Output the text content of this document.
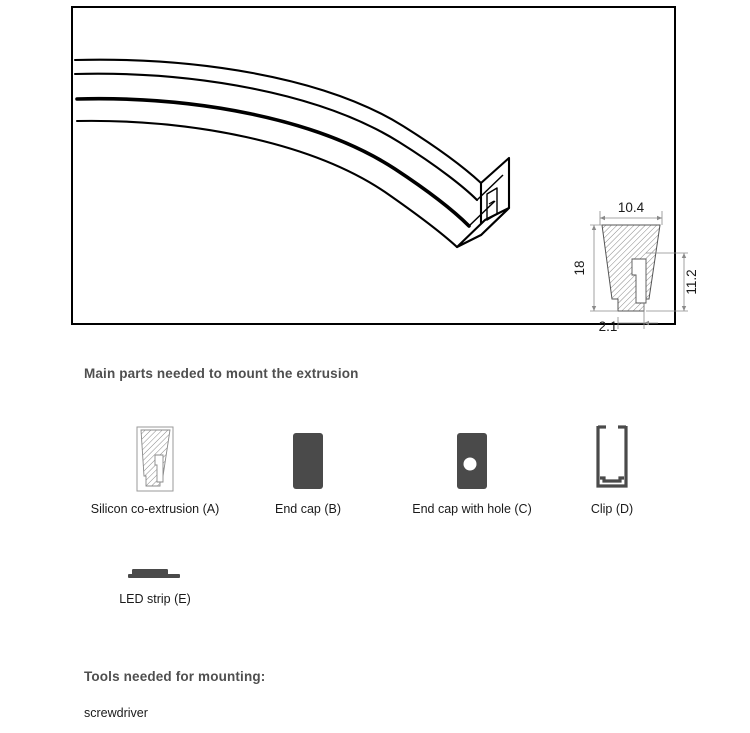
10.4
18
11.2
2.1
Main parts needed to mount the extrusion
Silicon co-extrusion (A)	End cap (B)	End cap with hole (C)	Clip (D)
LED strip (E)
Tools needed for mounting:
screwdriver
